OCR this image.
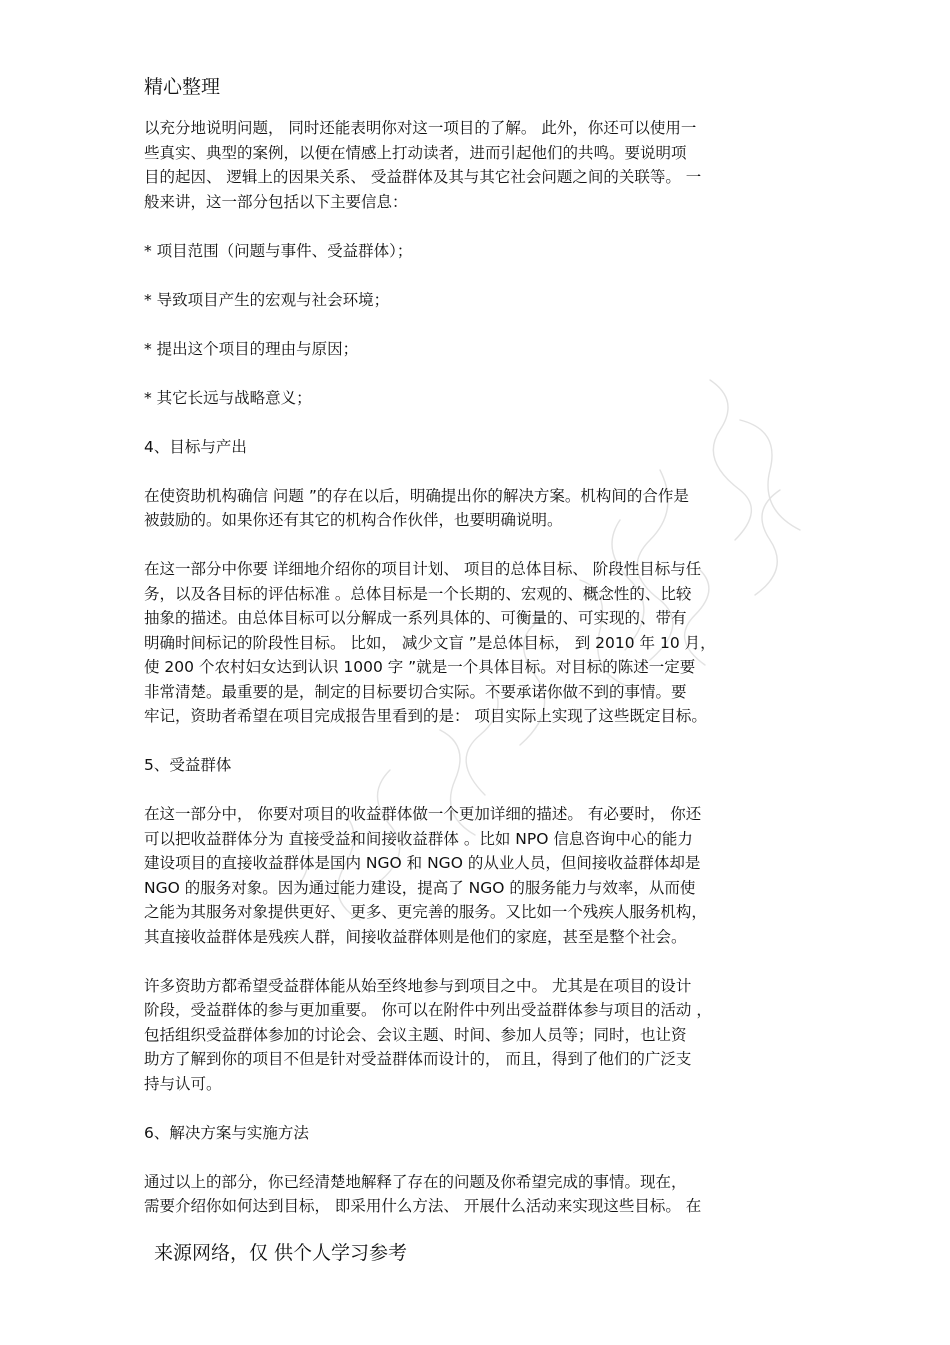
精心整理

以充分地说明问题， 同时还能表明你对这一项目的了解。 此外，你还可以使用一
些真实、典型的案例，以便在情感上打动读者，进而引起他们的共鸣。要说明项
目的起因、 逻辑上的因果关系、 受益群体及其与其它社会问题之间的关联等。 一
般来讲，这一部分包括以下主要信息：

* 项目范围（问题与事件、受益群体）；

* 导致项目产生的宏观与社会环境；

* 提出这个项目的理由与原因；

* 其它长远与战略意义；

4、目标与产出

在使资助机构确信 问题 ”的存在以后，明确提出你的解决方案。机构间的合作是
被鼓励的。如果你还有其它的机构合作伙伴，也要明确说明。

在这一部分中你要 详细地介绍你的项目计划、 项目的总体目标、 阶段性目标与任
务，以及各目标的评估标准 。总体目标是一个长期的、宏观的、概念性的、比较
抽象的描述。由总体目标可以分解成一系列具体的、可衡量的、可实现的、带有
明确时间标记的阶段性目标。 比如， 减少文盲 ”是总体目标， 到 2010 年 10 月，
使 200 个农村妇女达到认识 1000 字 ”就是一个具体目标。对目标的陈述一定要
非常清楚。最重要的是，制定的目标要切合实际。不要承诺你做不到的事情。要
牢记，资助者希望在项目完成报告里看到的是： 项目实际上实现了这些既定目标。

5、受益群体

在这一部分中， 你要对项目的收益群体做一个更加详细的描述。 有必要时， 你还
可以把收益群体分为 直接受益和间接收益群体 。比如 NPO 信息咨询中心的能力
建设项目的直接收益群体是国内 NGO 和 NGO 的从业人员，但间接收益群体却是
NGO 的服务对象。因为通过能力建设，提高了 NGO 的服务能力与效率，从而使
之能为其服务对象提供更好、 更多、更完善的服务。又比如一个残疾人服务机构，
其直接收益群体是残疾人群，间接收益群体则是他们的家庭，甚至是整个社会。

许多资助方都希望受益群体能从始至终地参与到项目之中。 尤其是在项目的设计
阶段，受益群体的参与更加重要。 你可以在附件中列出受益群体参与项目的活动 ，
包括组织受益群体参加的讨论会、会议主题、时间、参加人员等；同时，也让资
助方了解到你的项目不但是针对受益群体而设计的， 而且，得到了他们的广泛支
持与认可。

6、解决方案与实施方法

通过以上的部分，你已经清楚地解释了存在的问题及你希望完成的事情。现在，
需要介绍你如何达到目标， 即采用什么方法、 开展什么活动来实现这些目标。 在

来源网络，仅 供个人学习参考
